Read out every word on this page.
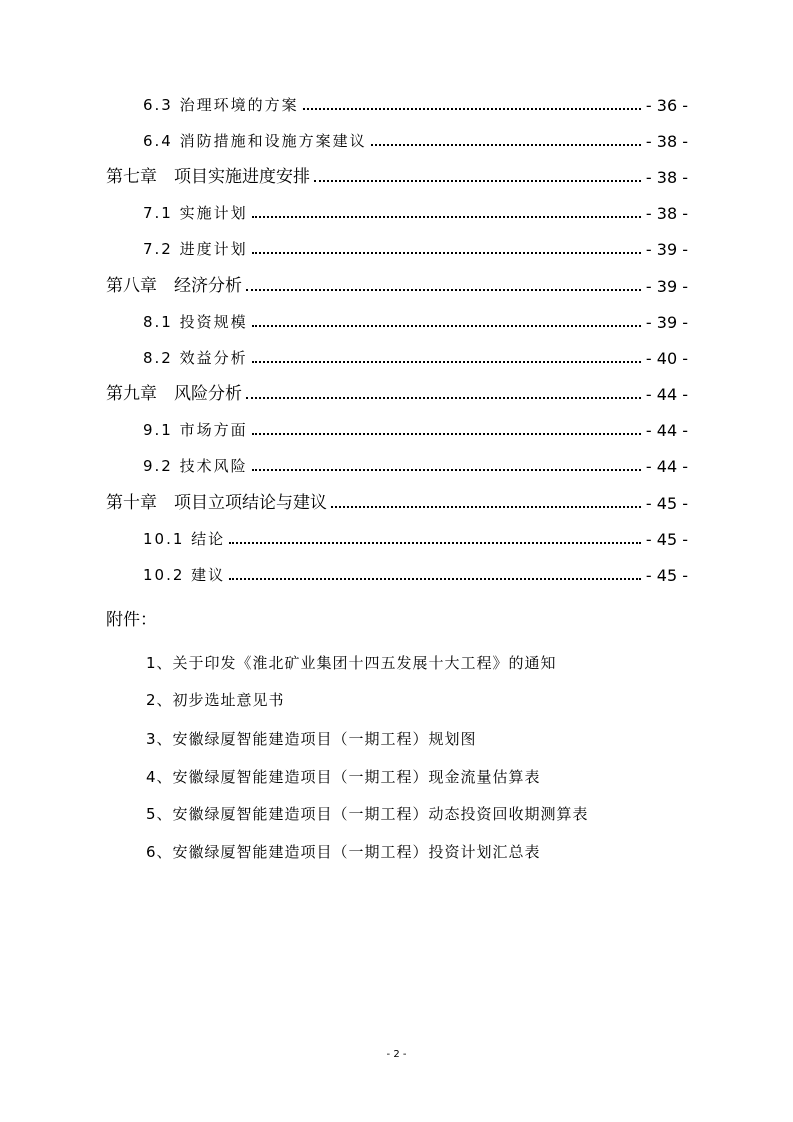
6.3 治理环境的方案	- 36 -
6.4 消防措施和设施方案建议	- 38 -
第七章　项目实施进度安排	- 38 -
7.1 实施计划	- 38 -
7.2 进度计划	- 39 -
第八章　经济分析	- 39 -
8.1 投资规模	- 39 -
8.2 效益分析	- 40 -
第九章　风险分析	- 44 -
9.1 市场方面	- 44 -
9.2 技术风险	- 44 -
第十章　项目立项结论与建议	- 45 -
10.1 结论	- 45 -
10.2 建议	- 45 -
附件：
1、关于印发《淮北矿业集团十四五发展十大工程》的通知
2、初步选址意见书
3、安徽绿厦智能建造项目（一期工程）规划图
4、安徽绿厦智能建造项目（一期工程）现金流量估算表
5、安徽绿厦智能建造项目（一期工程）动态投资回收期测算表
6、安徽绿厦智能建造项目（一期工程）投资计划汇总表
- 2 -
